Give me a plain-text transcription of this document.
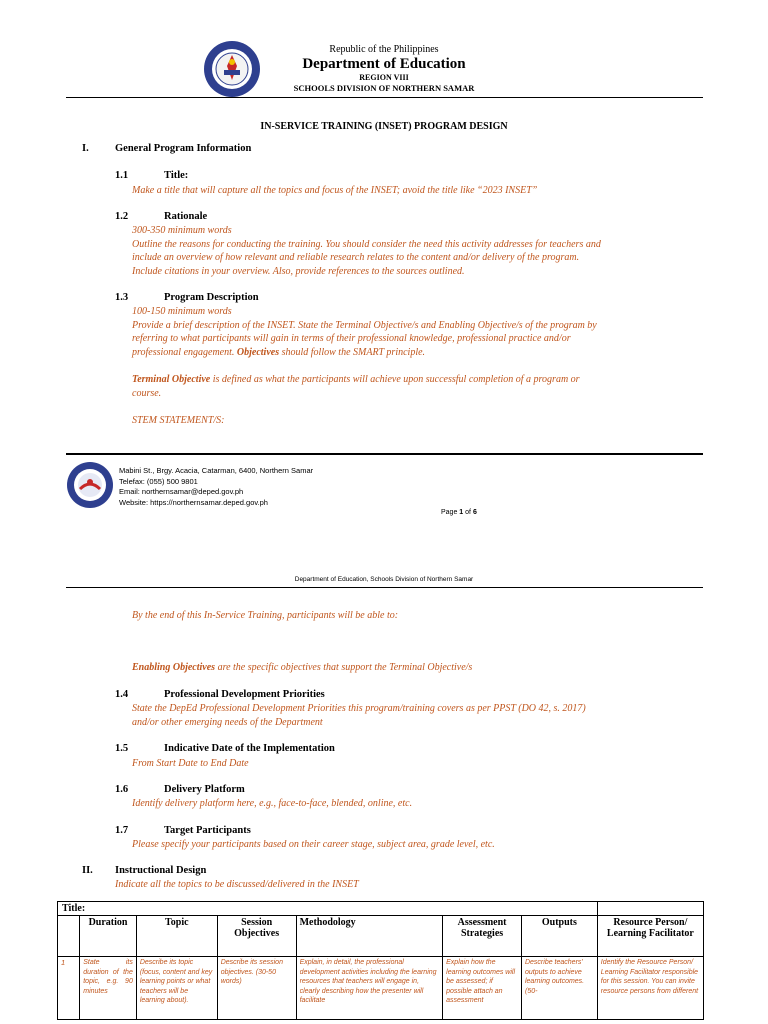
Republic of the Philippines
Department of Education
REGION VIII
SCHOOLS DIVISION OF NORTHERN SAMAR
IN-SERVICE TRAINING (INSET) PROGRAM DESIGN
I.	General Program Information
1.1	Title:
Make a title that will capture all the topics and focus of the INSET; avoid the title like “2023 INSET”
1.2	Rationale
300-350 minimum words
Outline the reasons for conducting the training. You should consider the need this activity addresses for teachers and
include an overview of how relevant and reliable research relates to the content and/or delivery of the program.
Include citations in your overview. Also, provide references to the sources outlined.
1.3	Program Description
100-150 minimum words
Provide a brief description of the INSET. State the Terminal Objective/s and Enabling Objective/s of the program by
referring to what participants will gain in terms of their professional knowledge, professional practice and/or
professional engagement. Objectives should follow the SMART principle.
Terminal Objective is defined as what the participants will achieve upon successful completion of a program or
course.
STEM STATEMENT/S:
Mabini St., Brgy. Acacia, Catarman, 6400, Northern Samar
Telefax: (055) 500 9801
Email: northernsamar@deped.gov.ph
Website: https://northernsamar.deped.gov.ph
Page 1 of 6
Department of Education, Schools Division of Northern Samar
By the end of this In-Service Training, participants will be able to:
Enabling Objectives are the specific objectives that support the Terminal Objective/s
1.4	Professional Development Priorities
State the DepEd Professional Development Priorities this program/training covers as per PPST (DO 42, s. 2017)
and/or other emerging needs of the Department
1.5	Indicative Date of the Implementation
From Start Date to End Date
1.6	Delivery Platform
Identify delivery platform here, e.g., face-to-face, blended, online, etc.
1.7	Target Participants
Please specify your participants based on their career stage, subject area, grade level, etc.
II. Instructional Design
Indicate all the topics to be discussed/delivered in the INSET
Title:							
	Duration	Topic	Session Objectives	Methodology	Assessment Strategies	Outputs	Resource Person/ Learning Facilitator

1	State its duration of the topic, e.g. 90 minutes	Describe its topic (focus, content and key learning points or what teachers will be learning about).	Describe its session objectives. (30-50 words)	Explain, in detail, the professional development activities including the learning resources that teachers will engage in, clearly describing how the presenter will facilitate	Explain how the learning outcomes will be assessed; if possible attach an assessment	Describe teachers’ outputs to achieve learning outcomes. (50-	Identify the Resource Person/ Learning Facilitator responsible for this session. You can invite resource persons from different
